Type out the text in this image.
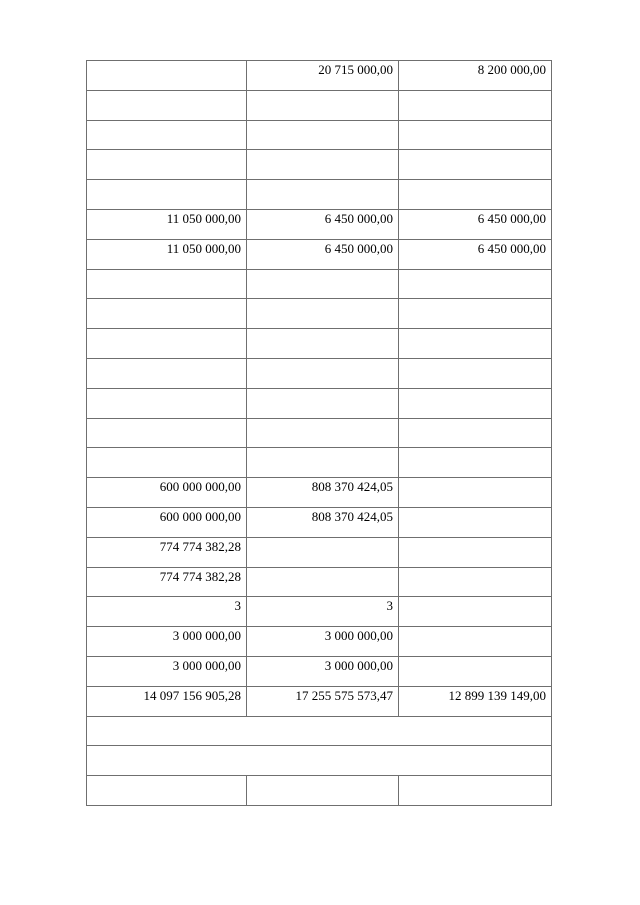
	20 715 000,00	8 200 000,00

11 050 000,00	6 450 000,00	6 450 000,00
11 050 000,00	6 450 000,00	6 450 000,00

600 000 000,00	808 370 424,05	
600 000 000,00	808 370 424,05	
774 774 382,28		
774 774 382,28		
3	3	
3 000 000,00	3 000 000,00	
3 000 000,00	3 000 000,00	
14 097 156 905,28	17 255 575 573,47	12 899 139 149,00
